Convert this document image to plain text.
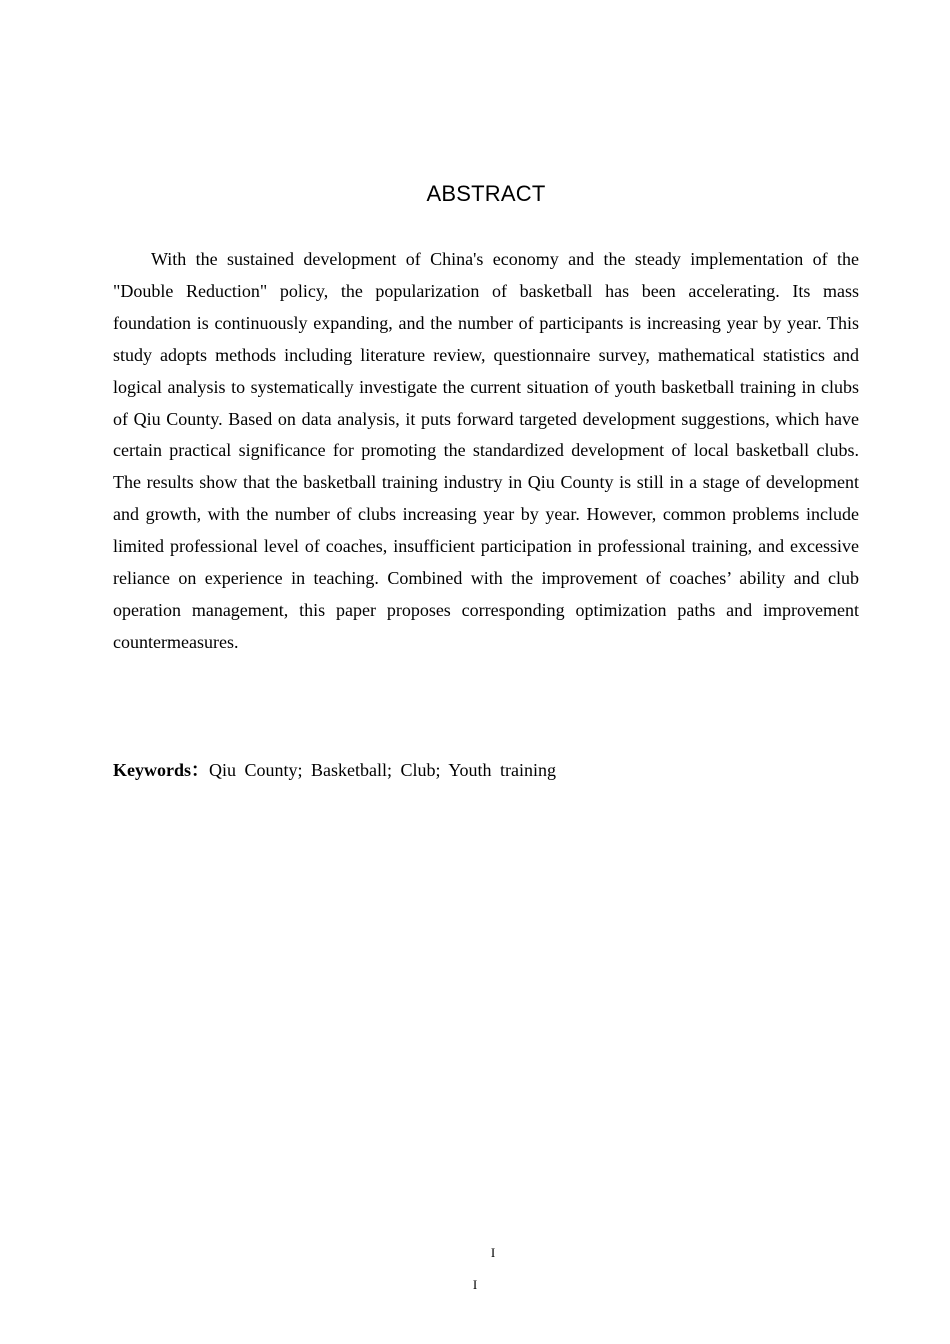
ABSTRACT

With the sustained development of China's economy and the steady implementation of the "Double Reduction" policy, the popularization of basketball has been accelerating. Its mass foundation is continuously expanding, and the number of participants is increasing year by year. This study adopts methods including literature review, questionnaire survey, mathematical statistics and logical analysis to systematically investigate the current situation of youth basketball training in clubs of Qiu County. Based on data analysis, it puts forward targeted development suggestions, which have certain practical significance for promoting the standardized development of local basketball clubs. The results show that the basketball training industry in Qiu County is still in a stage of development and growth, with the number of clubs increasing year by year. However, common problems include limited professional level of coaches, insufficient participation in professional training, and excessive reliance on experience in teaching. Combined with the improvement of coaches’ ability and club operation management, this paper proposes corresponding optimization paths and improvement countermeasures.

Keywords：Qiu County; Basketball; Club; Youth training
I
I
